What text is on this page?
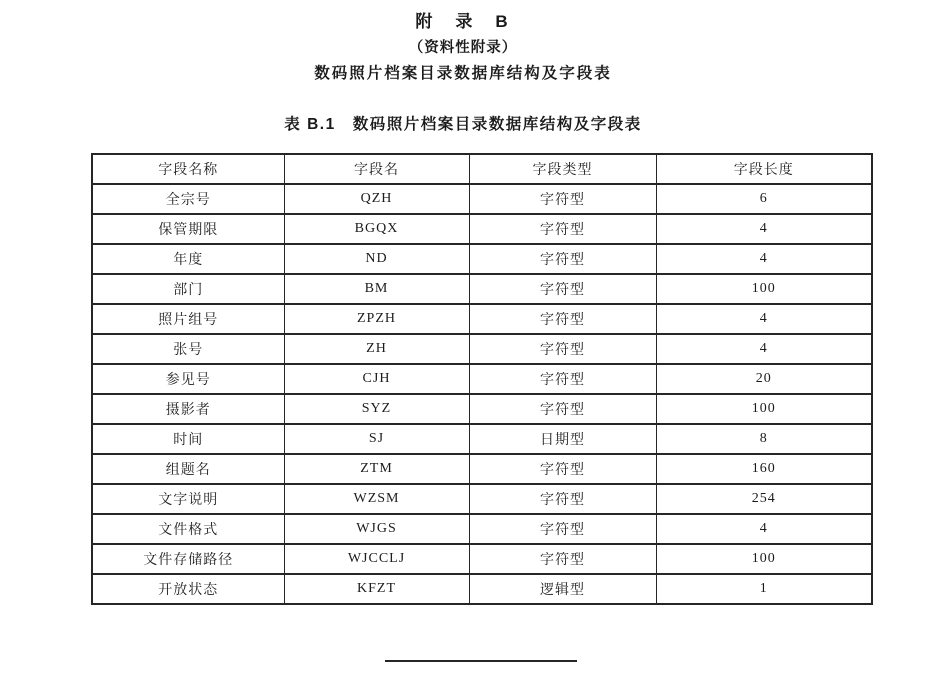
附　录　B
（资料性附录）
数码照片档案目录数据库结构及字段表
表 B.1　数码照片档案目录数据库结构及字段表
字段名称	字段名	字段类型	字段长度
全宗号	QZH	字符型	6
保管期限	BGQX	字符型	4
年度	ND	字符型	4
部门	BM	字符型	100
照片组号	ZPZH	字符型	4
张号	ZH	字符型	4
参见号	CJH	字符型	20
摄影者	SYZ	字符型	100
时间	SJ	日期型	8
组题名	ZTM	字符型	160
文字说明	WZSM	字符型	254
文件格式	WJGS	字符型	4
文件存储路径	WJCCLJ	字符型	100
开放状态	KFZT	逻辑型	1
